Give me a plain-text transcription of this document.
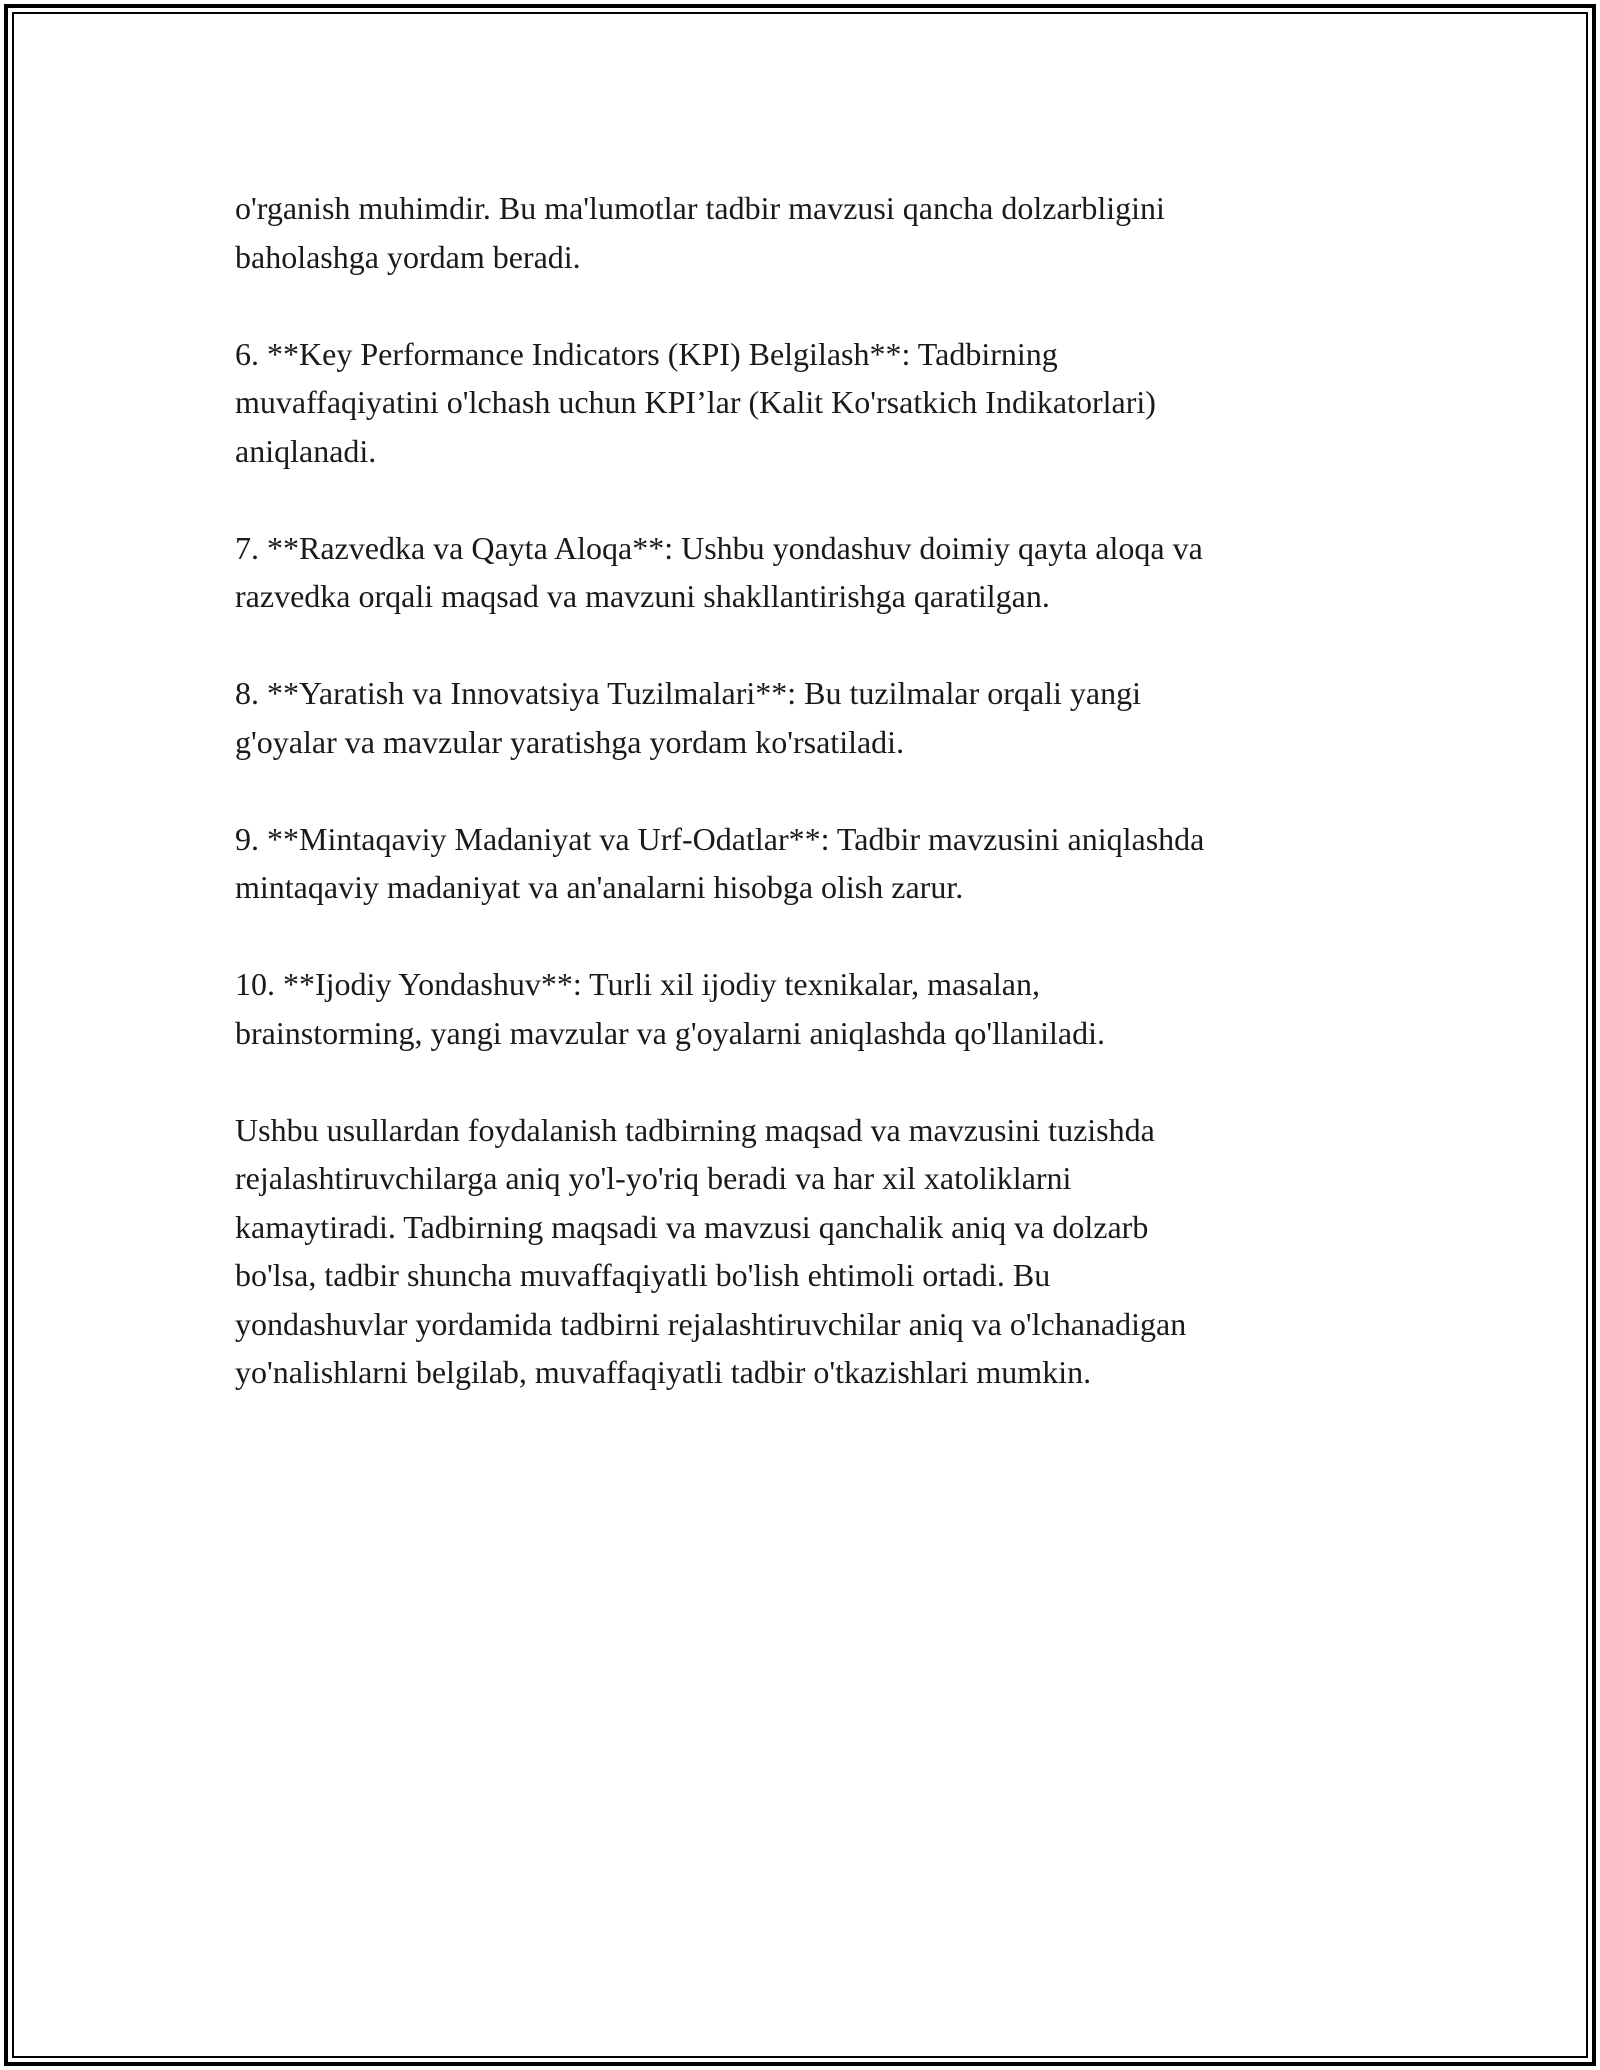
o'rganish muhimdir. Bu ma'lumotlar tadbir mavzusi qancha dolzarbligini
baholashga yordam beradi.

6. **Key Performance Indicators (KPI) Belgilash**: Tadbirning
muvaffaqiyatini o'lchash uchun KPI’lar (Kalit Ko'rsatkich Indikatorlari)
aniqlanadi.

7. **Razvedka va Qayta Aloqa**: Ushbu yondashuv doimiy qayta aloqa va
razvedka orqali maqsad va mavzuni shakllantirishga qaratilgan.

8. **Yaratish va Innovatsiya Tuzilmalari**: Bu tuzilmalar orqali yangi
g'oyalar va mavzular yaratishga yordam ko'rsatiladi.

9. **Mintaqaviy Madaniyat va Urf-Odatlar**: Tadbir mavzusini aniqlashda
mintaqaviy madaniyat va an'analarni hisobga olish zarur.

10. **Ijodiy Yondashuv**: Turli xil ijodiy texnikalar, masalan,
brainstorming, yangi mavzular va g'oyalarni aniqlashda qo'llaniladi.

Ushbu usullardan foydalanish tadbirning maqsad va mavzusini tuzishda
rejalashtiruvchilarga aniq yo'l-yo'riq beradi va har xil xatoliklarni
kamaytiradi. Tadbirning maqsadi va mavzusi qanchalik aniq va dolzarb
bo'lsa, tadbir shuncha muvaffaqiyatli bo'lish ehtimoli ortadi. Bu
yondashuvlar yordamida tadbirni rejalashtiruvchilar aniq va o'lchanadigan
yo'nalishlarni belgilab, muvaffaqiyatli tadbir o'tkazishlari mumkin.
